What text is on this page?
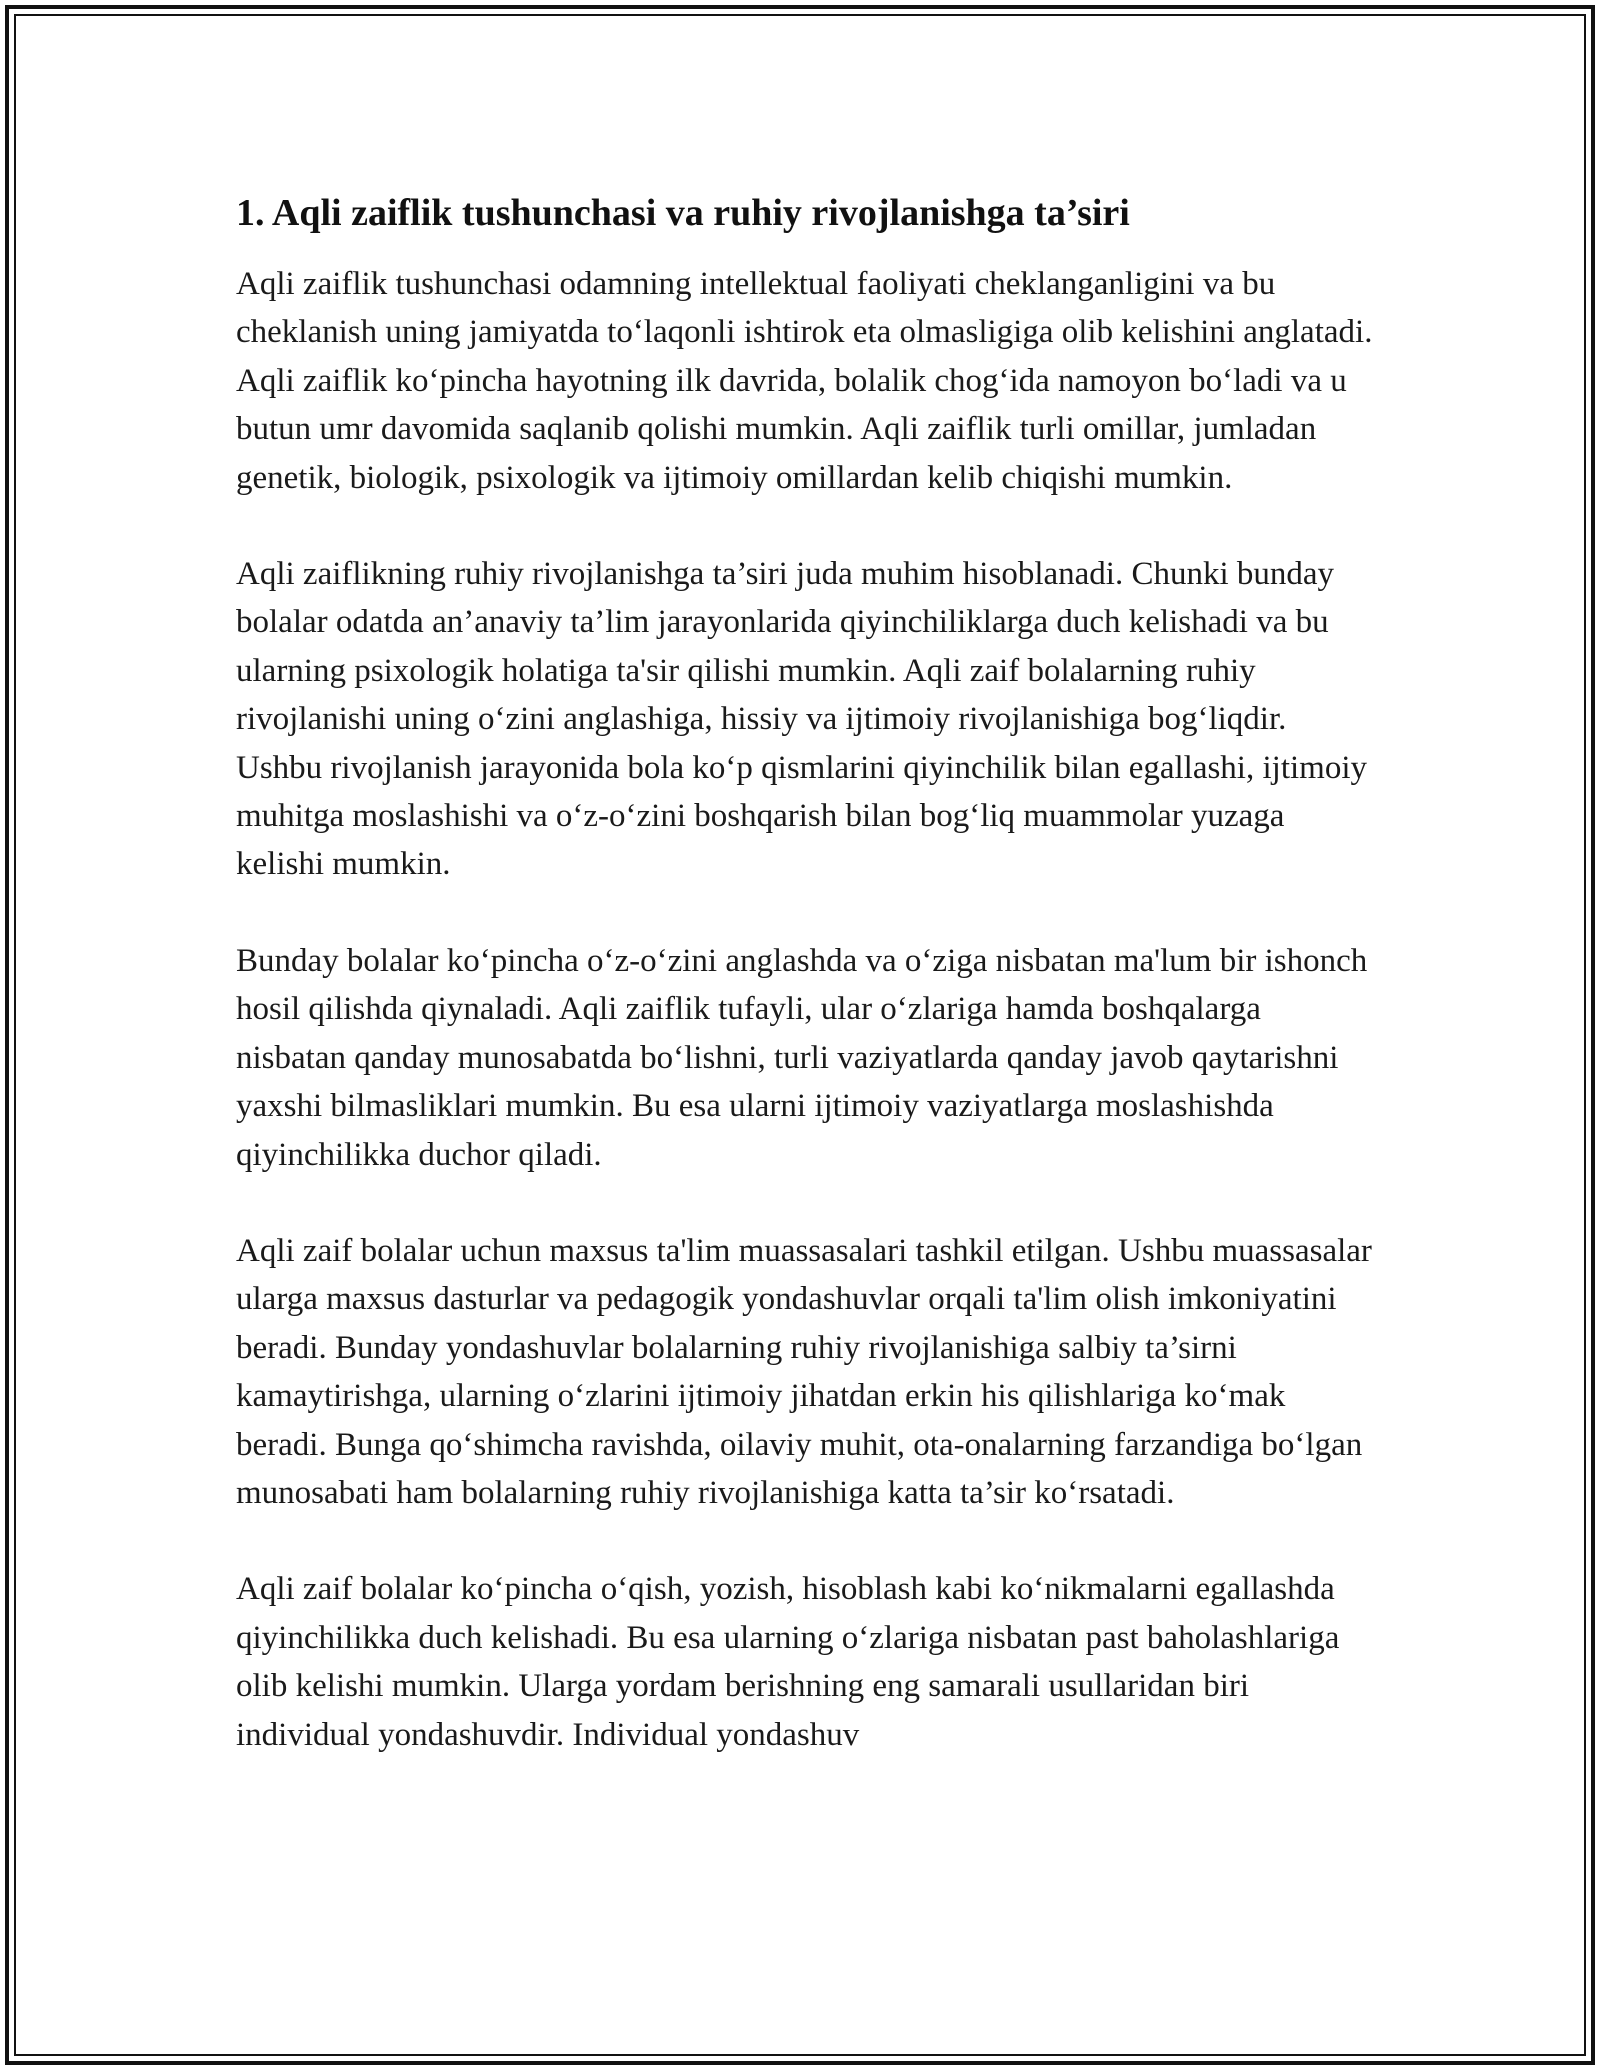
1. Aqli zaiflik tushunchasi va ruhiy rivojlanishga ta’siri

Aqli zaiflik tushunchasi odamning intellektual faoliyati cheklanganligini va bu cheklanish uning jamiyatda to‘laqonli ishtirok eta olmasligiga olib kelishini anglatadi. Aqli zaiflik ko‘pincha hayotning ilk davrida, bolalik chog‘ida namoyon bo‘ladi va u butun umr davomida saqlanib qolishi mumkin. Aqli zaiflik turli omillar, jumladan genetik, biologik, psixologik va ijtimoiy omillardan kelib chiqishi mumkin.

Aqli zaiflikning ruhiy rivojlanishga ta’siri juda muhim hisoblanadi. Chunki bunday bolalar odatda an’anaviy ta’lim jarayonlarida qiyinchiliklarga duch kelishadi va bu ularning psixologik holatiga ta'sir qilishi mumkin. Aqli zaif bolalarning ruhiy rivojlanishi uning o‘zini anglashiga, hissiy va ijtimoiy rivojlanishiga bog‘liqdir. Ushbu rivojlanish jarayonida bola ko‘p qismlarini qiyinchilik bilan egallashi, ijtimoiy muhitga moslashishi va o‘z-o‘zini boshqarish bilan bog‘liq muammolar yuzaga kelishi mumkin.

Bunday bolalar ko‘pincha o‘z-o‘zini anglashda va o‘ziga nisbatan ma'lum bir ishonch hosil qilishda qiynaladi. Aqli zaiflik tufayli, ular o‘zlariga hamda boshqalarga nisbatan qanday munosabatda bo‘lishni, turli vaziyatlarda qanday javob qaytarishni yaxshi bilmasliklari mumkin. Bu esa ularni ijtimoiy vaziyatlarga moslashishda qiyinchilikka duchor qiladi.

Aqli zaif bolalar uchun maxsus ta'lim muassasalari tashkil etilgan. Ushbu muassasalar ularga maxsus dasturlar va pedagogik yondashuvlar orqali ta'lim olish imkoniyatini beradi. Bunday yondashuvlar bolalarning ruhiy rivojlanishiga salbiy ta’sirni kamaytirishga, ularning o‘zlarini ijtimoiy jihatdan erkin his qilishlariga ko‘mak beradi. Bunga qo‘shimcha ravishda, oilaviy muhit, ota-onalarning farzandiga bo‘lgan munosabati ham bolalarning ruhiy rivojlanishiga katta ta’sir ko‘rsatadi.

Aqli zaif bolalar ko‘pincha o‘qish, yozish, hisoblash kabi ko‘nikmalarni egallashda qiyinchilikka duch kelishadi. Bu esa ularning o‘zlariga nisbatan past baholashlariga olib kelishi mumkin. Ularga yordam berishning eng samarali usullaridan biri individual yondashuvdir. Individual yondashuv
